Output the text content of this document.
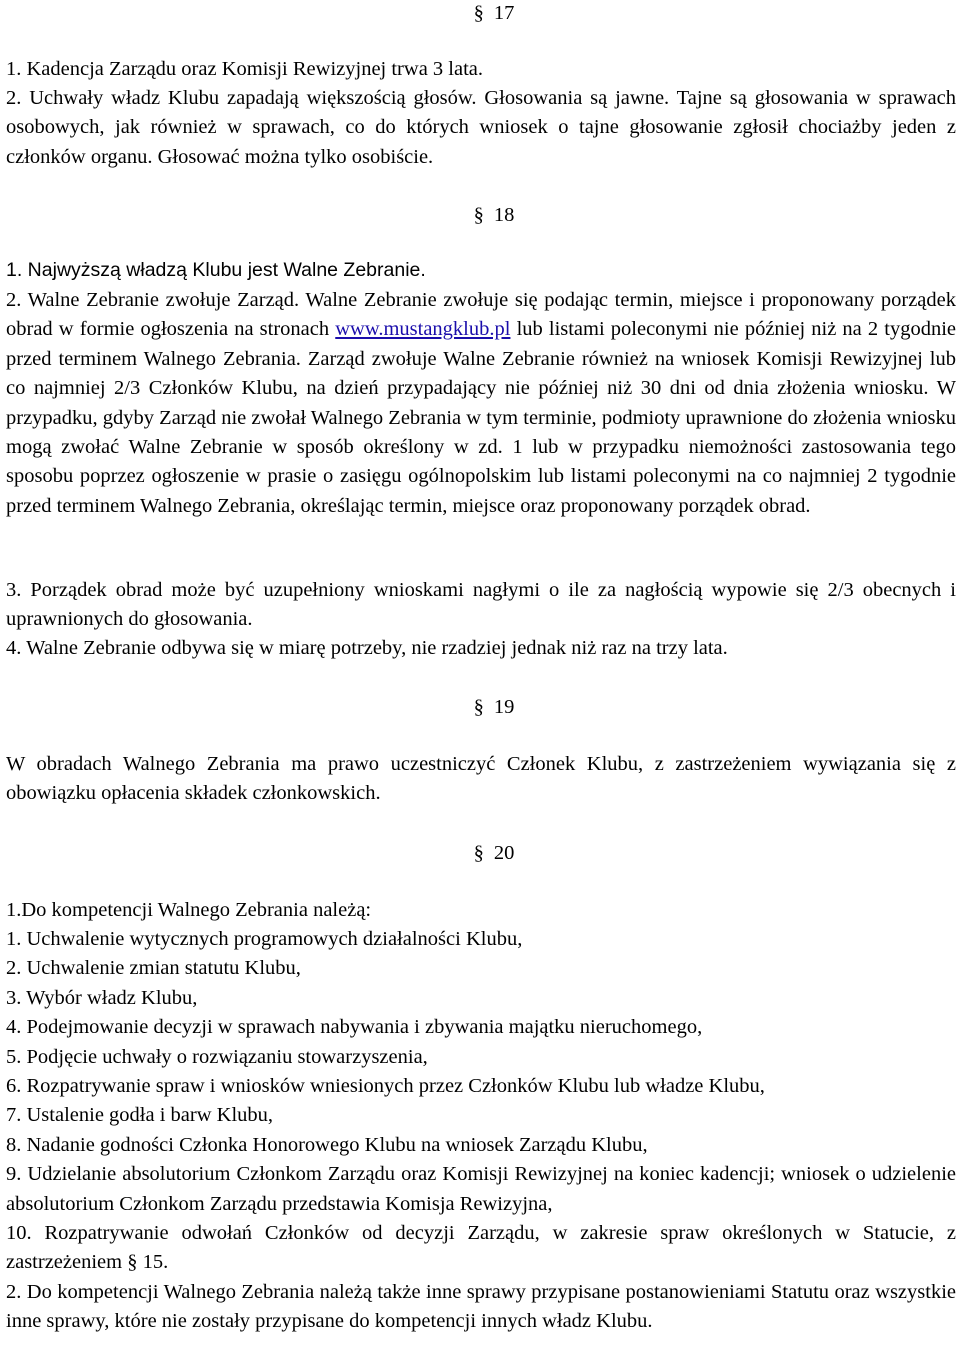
§ 17

1. Kadencja Zarządu oraz Komisji Rewizyjnej trwa 3 lata.

2. Uchwały władz Klubu zapadają większością głosów. Głosowania są jawne. Tajne są głosowania w sprawach osobowych, jak również w sprawach, co do których wniosek o tajne głosowanie zgłosił chociażby jeden z członków organu. Głosować można tylko osobiście.

§ 18

1. Najwyższą władzą Klubu jest Walne Zebranie.

2. Walne Zebranie zwołuje Zarząd. Walne Zebranie zwołuje się podając termin, miejsce i proponowany porządek obrad w formie ogłoszenia na stronach www.mustangklub.pl lub listami poleconymi nie później niż na 2 tygodnie przed terminem Walnego Zebrania. Zarząd zwołuje Walne Zebranie również na wniosek Komisji Rewizyjnej lub co najmniej 2/3 Członków Klubu, na dzień przypadający nie później niż 30 dni od dnia złożenia wniosku. W przypadku, gdyby Zarząd nie zwołał Walnego Zebrania w tym terminie, podmioty uprawnione do złożenia wniosku mogą zwołać Walne Zebranie w sposób określony w zd. 1 lub w przypadku niemożności zastosowania tego sposobu poprzez ogłoszenie w prasie o zasięgu ogólnopolskim lub listami poleconymi na co najmniej 2 tygodnie przed terminem Walnego Zebrania, określając termin, miejsce oraz proponowany porządek obrad.

3. Porządek obrad może być uzupełniony wnioskami nagłymi o ile za nagłością wypowie się 2/3 obecnych i uprawnionych do głosowania.

4. Walne Zebranie odbywa się w miarę potrzeby, nie rzadziej jednak niż raz na trzy lata.

§ 19

W obradach Walnego Zebrania ma prawo uczestniczyć Członek Klubu, z zastrzeżeniem wywiązania się z obowiązku opłacenia składek członkowskich.

§ 20

1.Do kompetencji Walnego Zebrania należą:

1. Uchwalenie wytycznych programowych działalności Klubu,
2. Uchwalenie zmian statutu Klubu,
3. Wybór władz Klubu,
4. Podejmowanie decyzji w sprawach nabywania i zbywania majątku nieruchomego,
5. Podjęcie uchwały o rozwiązaniu stowarzyszenia,
6. Rozpatrywanie spraw i wniosków wniesionych przez Członków Klubu lub władze Klubu,
7. Ustalenie godła i barw Klubu,
8. Nadanie godności Członka Honorowego Klubu na wniosek Zarządu Klubu,
9. Udzielanie absolutorium Członkom Zarządu oraz Komisji Rewizyjnej na koniec kadencji; wniosek o udzielenie absolutorium Członkom Zarządu przedstawia Komisja Rewizyjna,
10. Rozpatrywanie odwołań Członków od decyzji Zarządu, w zakresie spraw określonych w Statucie, z zastrzeżeniem § 15.
2. Do kompetencji Walnego Zebrania należą także inne sprawy przypisane postanowieniami Statutu oraz wszystkie inne sprawy, które nie zostały przypisane do kompetencji innych władz Klubu.
